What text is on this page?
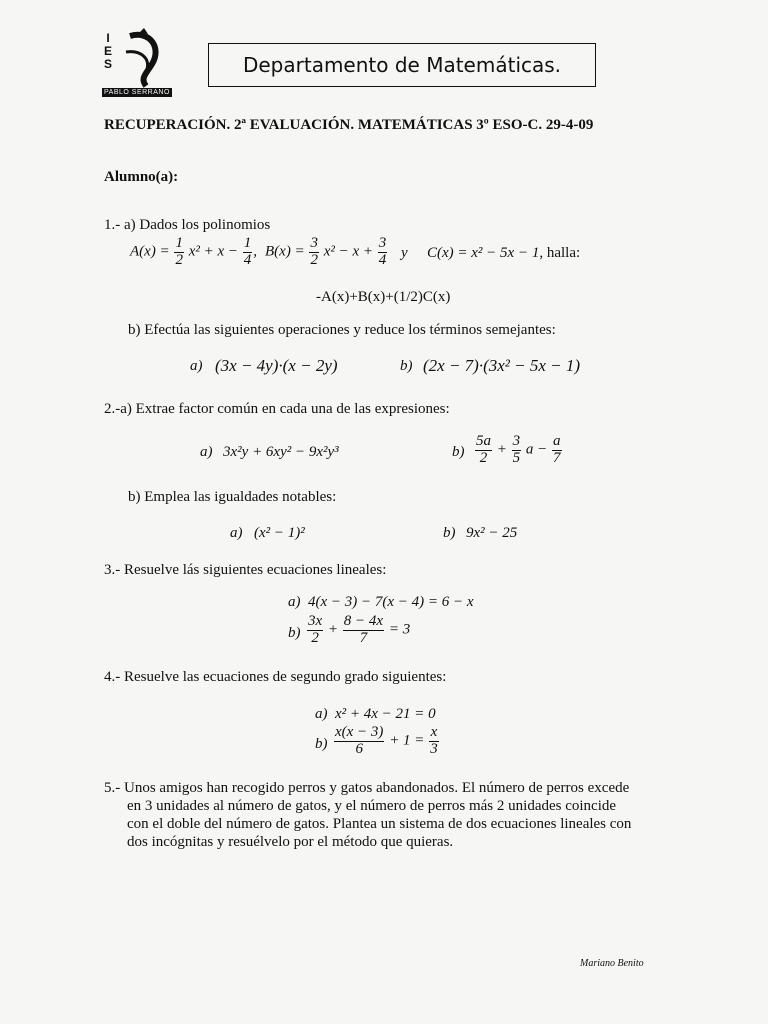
I
E
S
PABLO SERRANO
Departamento de Matemáticas.
RECUPERACIÓN. 2ª EVALUACIÓN. MATEMÁTICAS 3º ESO-C. 29-4-09
Alumno(a):
1.- a) Dados los polinomios
$A(x) = \frac{1}{2} x^2 + x - \frac{1}{4}$ , $B(x) = \frac{3}{2} x^2 - x + \frac{3}{4}$ y C(x) = x² − 5x − 1, halla:
-A(x)+B(x)+(1/2)C(x)
b) Efectúa las siguientes operaciones y reduce los términos semejantes:
a) (3x − 4y)·(x − 2y)	b) (2x − 7)·(3x² − 5x − 1)
2.-a) Extrae factor común en cada una de las expresiones:
a) 3x²y + 6xy² − 9x²y³	$b) \frac{5a}{2} + \frac{3}{5}$ $a - \frac{a}{7}$
b) Emplea las igualdades notables:
a) (x² − 1)²	b) 9x² − 25
3.- Resuelve lás siguientes ecuaciones lineales:
a) 4(x − 3) − 7(x − 4) = 6 − x
$b) \frac{3x}{2} + \frac{8 - 4x}{7} = 3$
4.- Resuelve las ecuaciones de segundo grado siguientes:
a) x² + 4x − 21 = 0
$b) \frac{x(x - 3)}{6} + 1 = \frac{x}{3}$
5.- Unos amigos han recogido perros y gatos abandonados. El número de perros excede
en 3 unidades al número de gatos, y el número de perros más 2 unidades coincide
con el doble del número de gatos. Plantea un sistema de dos ecuaciones lineales con
dos incógnitas y resuélvelo por el método que quieras.
Mariano Benito
